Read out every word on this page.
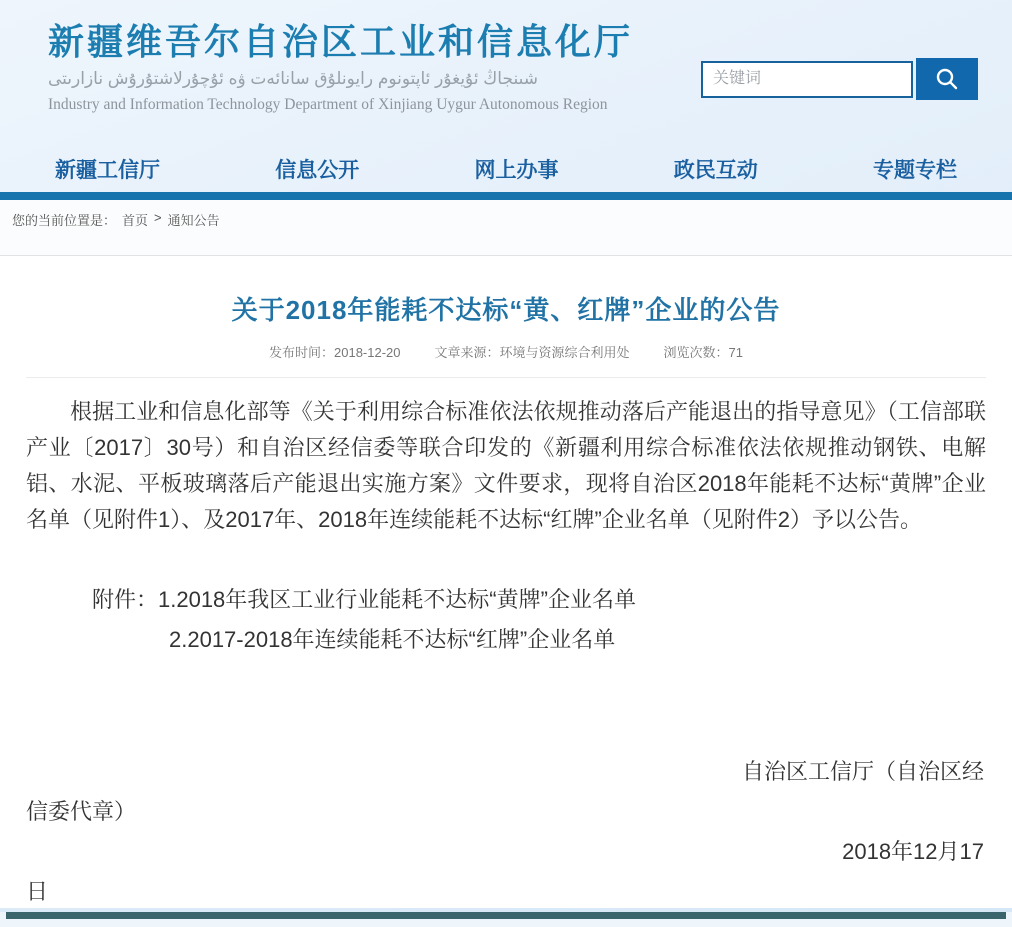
新疆维吾尔自治区工业和信息化厅
شىنجاڭ ئۇيغۇر ئاپتونوم رايونلۇق سانائەت ۋە ئۇچۇرلاشتۇرۇش نازارىتى
Industry and Information Technology Department of Xinjiang Uygur Autonomous Region
关键词
新疆工信厅	信息公开	网上办事	政民互动	专题专栏
您的当前位置是： 首页 > 通知公告
关于2018年能耗不达标“黄、红牌”企业的公告
发布时间：2018-12-20	文章来源：环境与资源综合利用处	浏览次数：71

根据工业和信息化部等《关于利用综合标准依法依规推动落后产能退出的指导意见》（工信部联产业〔2017〕30号）和自治区经信委等联合印发的《新疆利用综合标准依法依规推动钢铁、电解铝、水泥、平板玻璃落后产能退出实施方案》文件要求，现将自治区2018年能耗不达标“黄牌”企业名单（见附件1）、及2017年、2018年连续能耗不达标“红牌”企业名单（见附件2）予以公告。

附件：1.2018年我区工业行业能耗不达标“黄牌”企业名单
2.2017-2018年连续能耗不达标“红牌”企业名单
自治区工信厅（自治区经
信委代章）
2018年12月17
日
